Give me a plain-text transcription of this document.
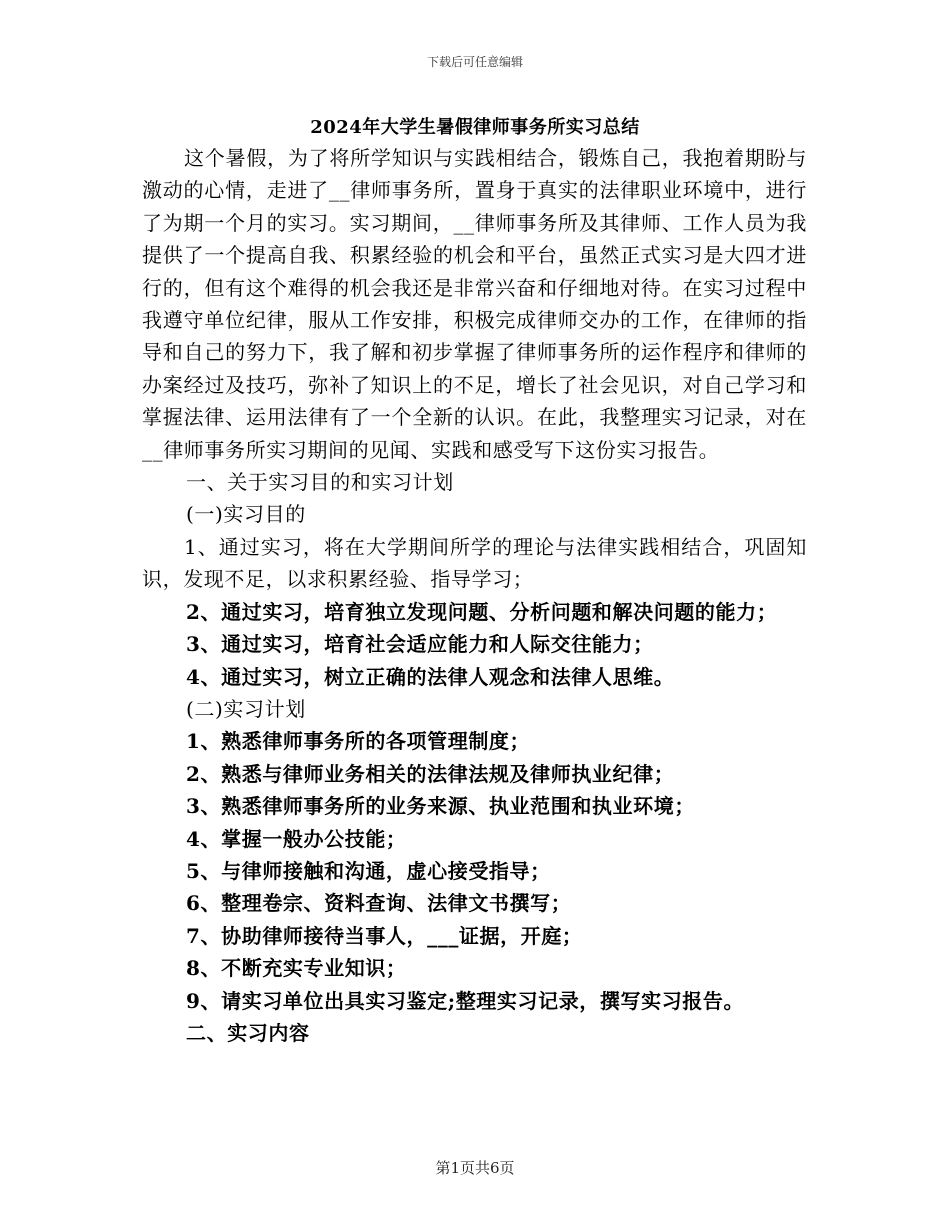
下载后可任意编辑
2024年大学生暑假律师事务所实习总结

这个暑假，为了将所学知识与实践相结合，锻炼自己，我抱着期盼与激动的心情，走进了__律师事务所，置身于真实的法律职业环境中，进行了为期一个月的实习。实习期间，__律师事务所及其律师、工作人员为我提供了一个提高自我、积累经验的机会和平台，虽然正式实习是大四才进行的，但有这个难得的机会我还是非常兴奋和仔细地对待。在实习过程中我遵守单位纪律，服从工作安排，积极完成律师交办的工作，在律师的指导和自己的努力下，我了解和初步掌握了律师事务所的运作程序和律师的办案经过及技巧，弥补了知识上的不足，增长了社会见识，对自己学习和掌握法律、运用法律有了一个全新的认识。在此，我整理实习记录，对在__律师事务所实习期间的见闻、实践和感受写下这份实习报告。

一、关于实习目的和实习计划

(一)实习目的

1、通过实习，将在大学期间所学的理论与法律实践相结合，巩固知识，发现不足，以求积累经验、指导学习；

2、通过实习，培育独立发现问题、分析问题和解决问题的能力；

3、通过实习，培育社会适应能力和人际交往能力；

4、通过实习，树立正确的法律人观念和法律人思维。

(二)实习计划

1、熟悉律师事务所的各项管理制度；

2、熟悉与律师业务相关的法律法规及律师执业纪律；

3、熟悉律师事务所的业务来源、执业范围和执业环境；

4、掌握一般办公技能；

5、与律师接触和沟通，虚心接受指导；

6、整理卷宗、资料查询、法律文书撰写；

7、协助律师接待当事人，___证据，开庭；

8、不断充实专业知识；

9、请实习单位出具实习鉴定;整理实习记录，撰写实习报告。

二、实习内容

第1页共6页
